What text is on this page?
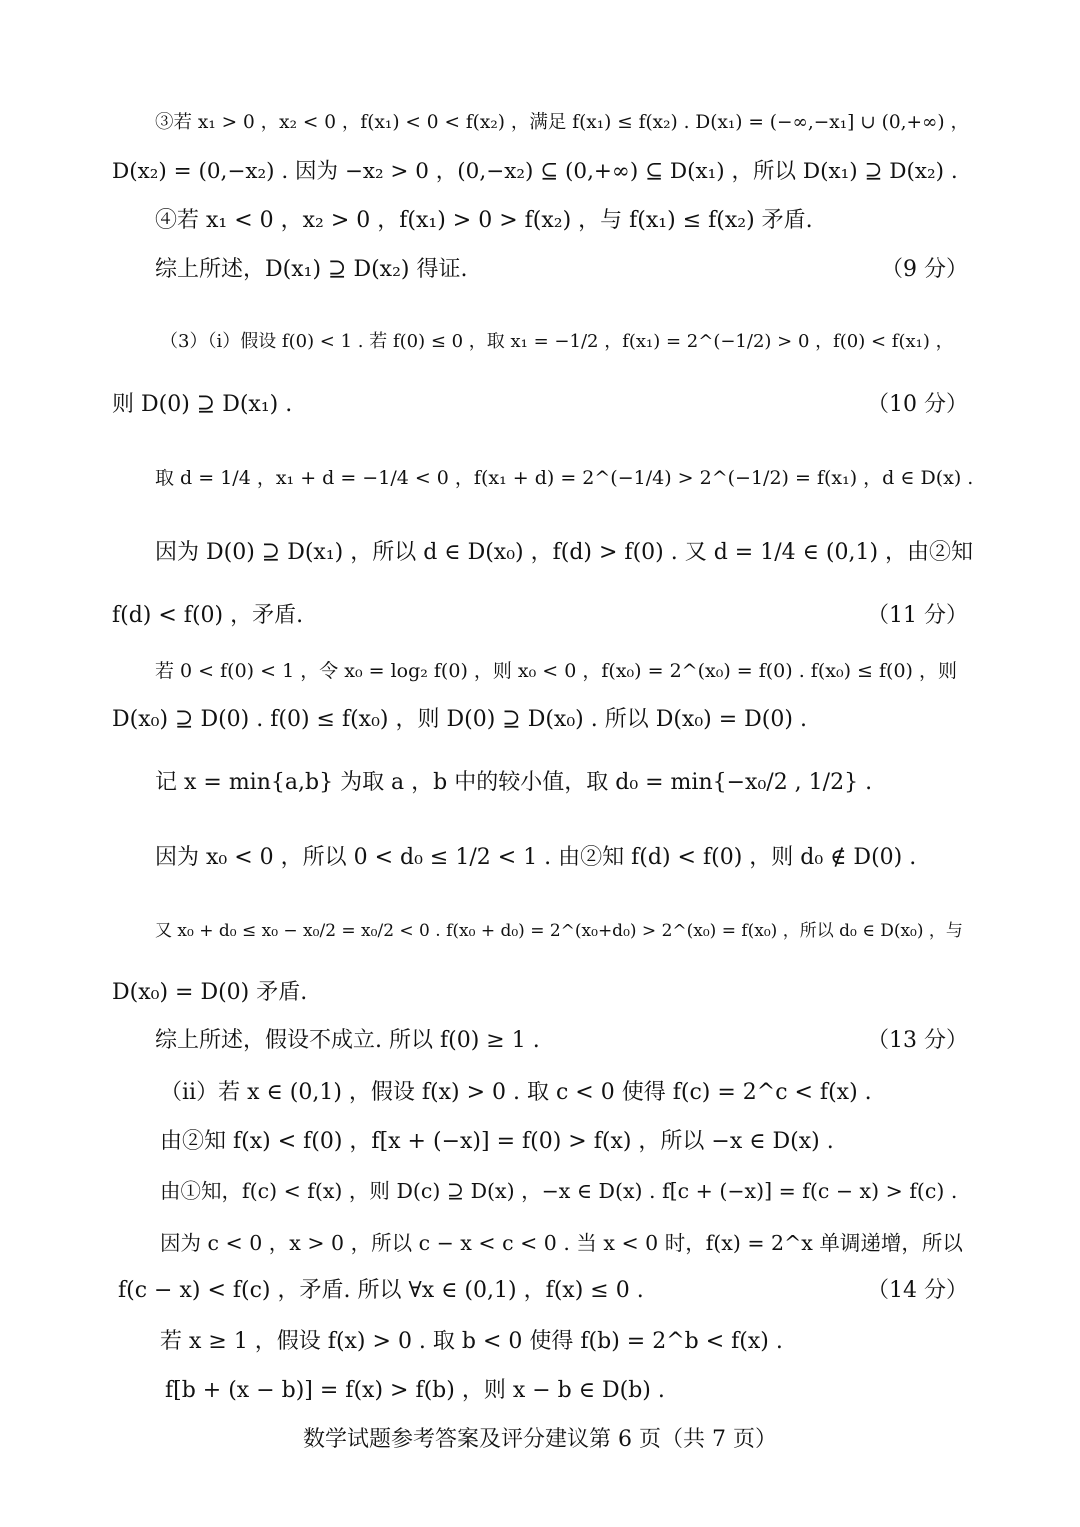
③若 x₁ > 0 ，x₂ < 0 ，f(x₁) < 0 < f(x₂) ，满足 f(x₁) ≤ f(x₂) . D(x₁) = (−∞,−x₁] ∪ (0,+∞) ，
D(x₂) = (0,−x₂) . 因为 −x₂ > 0 ，(0,−x₂) ⊆ (0,+∞) ⊆ D(x₁) ，所以 D(x₁) ⊇ D(x₂) .
④若 x₁ < 0 ，x₂ > 0 ，f(x₁) > 0 > f(x₂) ，与 f(x₁) ≤ f(x₂) 矛盾.
综上所述，D(x₁) ⊇ D(x₂) 得证.	（9 分）
（3）（ⅰ）假设 f(0) < 1 . 若 f(0) ≤ 0 ，取 x₁ = −1/2 ，f(x₁) = 2^(−1/2) > 0 ，f(0) < f(x₁) ，
则 D(0) ⊇ D(x₁) .	（10 分）
取 d = 1/4 ，x₁ + d = −1/4 < 0 ，f(x₁ + d) = 2^(−1/4) > 2^(−1/2) = f(x₁) ，d ∈ D(x) .
因为 D(0) ⊇ D(x₁) ，所以 d ∈ D(x₀) ，f(d) > f(0) . 又 d = 1/4 ∈ (0,1) ，由②知
f(d) < f(0) ，矛盾.	（11 分）
若 0 < f(0) < 1 ，令 x₀ = log₂ f(0) ，则 x₀ < 0 ，f(x₀) = 2^(x₀) = f(0) . f(x₀) ≤ f(0) ，则
D(x₀) ⊇ D(0) . f(0) ≤ f(x₀) ，则 D(0) ⊇ D(x₀) . 所以 D(x₀) = D(0) .
记 x = min{a,b} 为取 a ，b 中的较小值，取 d₀ = min{−x₀/2 , 1/2} .
因为 x₀ < 0 ，所以 0 < d₀ ≤ 1/2 < 1 . 由②知 f(d) < f(0) ，则 d₀ ∉ D(0) .
又 x₀ + d₀ ≤ x₀ − x₀/2 = x₀/2 < 0 . f(x₀ + d₀) = 2^(x₀+d₀) > 2^(x₀) = f(x₀) ，所以 d₀ ∈ D(x₀) ，与
D(x₀) = D(0) 矛盾.
综上所述，假设不成立. 所以 f(0) ≥ 1 .	（13 分）
（ⅱ）若 x ∈ (0,1) ，假设 f(x) > 0 . 取 c < 0 使得 f(c) = 2^c < f(x) .
由②知 f(x) < f(0) ，f[x + (−x)] = f(0) > f(x) ，所以 −x ∈ D(x) .
由①知，f(c) < f(x) ，则 D(c) ⊇ D(x) ，−x ∈ D(x) . f[c + (−x)] = f(c − x) > f(c) .
因为 c < 0 ，x > 0 ，所以 c − x < c < 0 . 当 x < 0 时，f(x) = 2^x 单调递增，所以
f(c − x) < f(c) ，矛盾. 所以 ∀x ∈ (0,1) ，f(x) ≤ 0 .	（14 分）
若 x ≥ 1 ，假设 f(x) > 0 . 取 b < 0 使得 f(b) = 2^b < f(x) .
f[b + (x − b)] = f(x) > f(b) ，则 x − b ∈ D(b) .
数学试题参考答案及评分建议第 6 页（共 7 页）
